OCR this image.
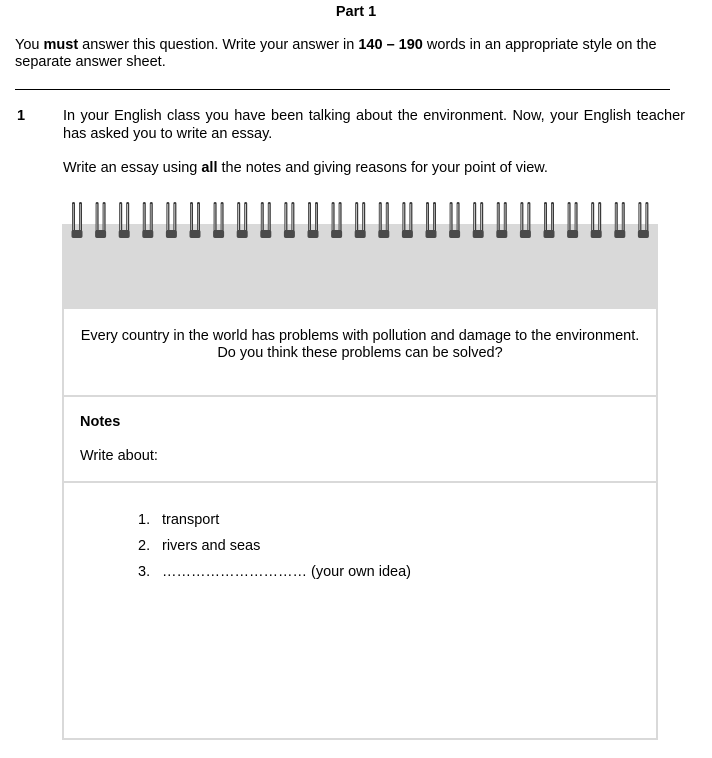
Part 1
You must answer this question. Write your answer in 140 – 190 words in an appropriate style on the separate answer sheet.
1	In your English class you have been talking about the environment. Now, your English teacher has asked you to write an essay.
Write an essay using all the notes and giving reasons for your point of view.
Every country in the world has problems with pollution and damage to the environment.
Do you think these problems can be solved?
Notes
Write about:
1. transport
2. rivers and seas
3. ………………………… (your own idea)
